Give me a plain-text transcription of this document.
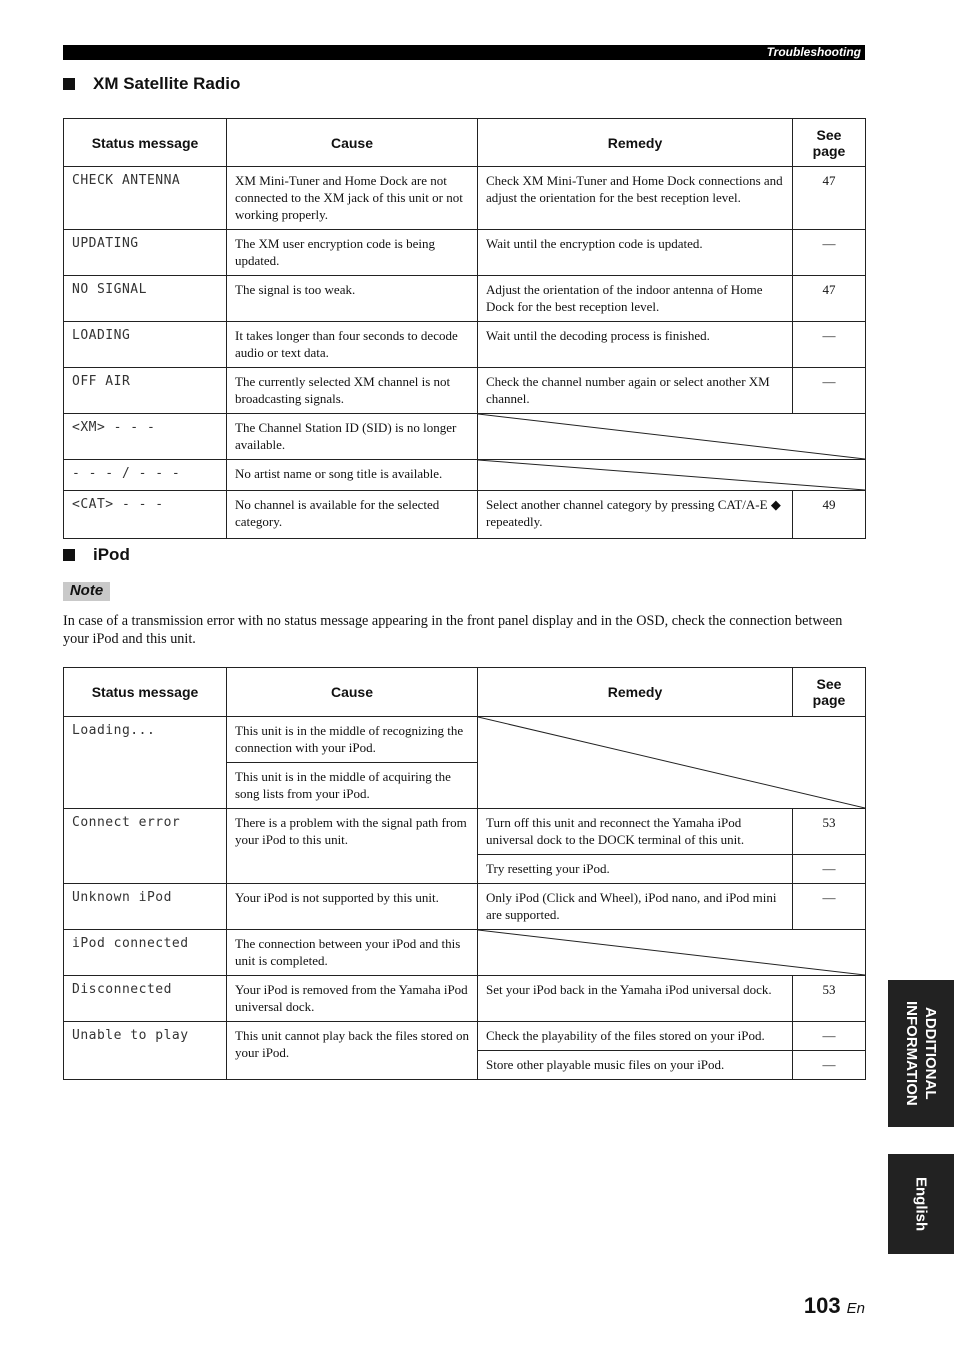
Troubleshooting
XM Satellite Radio
Status message	Cause	Remedy	See page
CHECK ANTENNA	XM Mini-Tuner and Home Dock are not connected to the XM jack of this unit or not working properly.	Check XM Mini-Tuner and Home Dock connections and adjust the orientation for the best reception level.	47
UPDATING	The XM user encryption code is being updated.	Wait until the encryption code is updated.	—
NO SIGNAL	The signal is too weak.	Adjust the orientation of the indoor antenna of Home Dock for the best reception level.	47
LOADING	It takes longer than four seconds to decode audio or text data.	Wait until the decoding process is finished.	—
OFF AIR	The currently selected XM channel is not broadcasting signals.	Check the channel number again or select another XM channel.	—
<XM> - - -	The Channel Station ID (SID) is no longer available.	

- - - / - - -	No artist name or song title is available.	

<CAT> - - -	No channel is available for the selected category.	Select another channel category by pressing CAT/A-E ◆ repeatedly.	49
iPod
Note
In case of a transmission error with no status message appearing in the front panel display and in the OSD, check the connection between your iPod and this unit.
Status message	Cause	Remedy	See page
Loading...	This unit is in the middle of recognizing the connection with your iPod.	

	This unit is in the middle of acquiring the song lists from your iPod.		
Connect error	There is a problem with the signal path from your iPod to this unit.	Turn off this unit and reconnect the Yamaha iPod universal dock to the DOCK terminal of this unit.	53
		Try resetting your iPod.	—
Unknown iPod	Your iPod is not supported by this unit.	Only iPod (Click and Wheel), iPod nano, and iPod mini are supported.	—
iPod connected	The connection between your iPod and this unit is completed.	

Disconnected	Your iPod is removed from the Yamaha iPod universal dock.	Set your iPod back in the Yamaha iPod universal dock.	53
Unable to play	This unit cannot play back the files stored on your iPod.	Check the playability of the files stored on your iPod.	—
		Store other playable music files on your iPod.	—	ADDITIONAL INFORMATION
English
103 En
